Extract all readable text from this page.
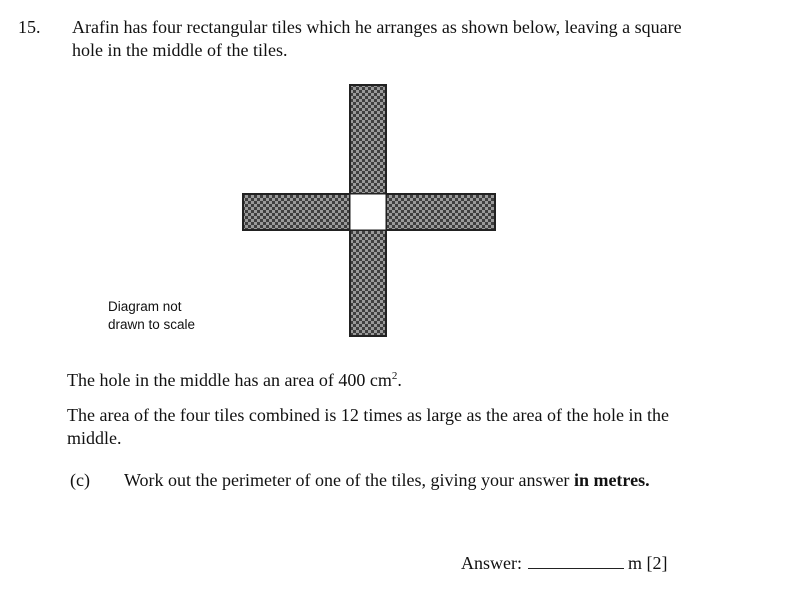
15. Arafin has four rectangular tiles which he arranges as shown below, leaving a square hole in the middle of the tiles.
Diagram not
drawn to scale
The hole in the middle has an area of 400 $cm^2$.
The area of the four tiles combined is 12 times as large as the area of the hole in the middle.
(c) Work out the perimeter of one of the tiles, giving your answer in metres.
Answer:	m [2]
